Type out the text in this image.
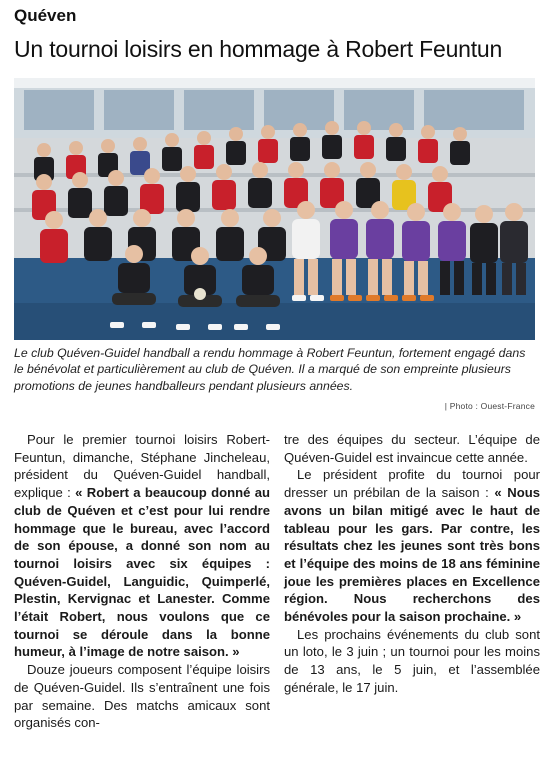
Quéven
Un tournoi loisirs en hommage à Robert Feuntun
Le club Quéven-Guidel handball a rendu hommage à Robert Feuntun, fortement engagé dans le bénévolat et particulièrement au club de Quéven. Il a marqué de son empreinte plusieurs promotions de jeunes handballeurs pendant plusieurs années.
| Photo : Ouest-France

Pour le premier tournoi loisirs Robert-Feuntun, dimanche, Stéphane Jincheleau, président du Quéven-Guidel handball, explique : « Robert a beaucoup donné au club de Quéven et c’est pour lui rendre hommage que le bureau, avec l’accord de son épouse, a donné son nom au tournoi loisirs avec six équipes : Quéven-Guidel, Languidic, Quimperlé, Plestin, Kervignac et Lanester. Comme l’était Robert, nous voulons que ce tournoi se déroule dans la bonne humeur, à l’image de notre saison. »

Douze joueurs composent l’équipe loisirs de Quéven-Guidel. Ils s’entraînent une fois par semaine. Des matchs amicaux sont organisés con-

tre des équipes du secteur. L’équipe de Quéven-Guidel est invaincue cette année.

Le président profite du tournoi pour dresser un prébilan de la saison : « Nous avons un bilan mitigé avec le haut de tableau pour les gars. Par contre, les résultats chez les jeunes sont très bons et l’équipe des moins de 18 ans féminine joue les premières places en Excellence région. Nous recherchons des bénévoles pour la saison prochaine. »

Les prochains événements du club sont un loto, le 3 juin ; un tournoi pour les moins de 13 ans, le 5 juin, et l’assemblée générale, le 17 juin.
